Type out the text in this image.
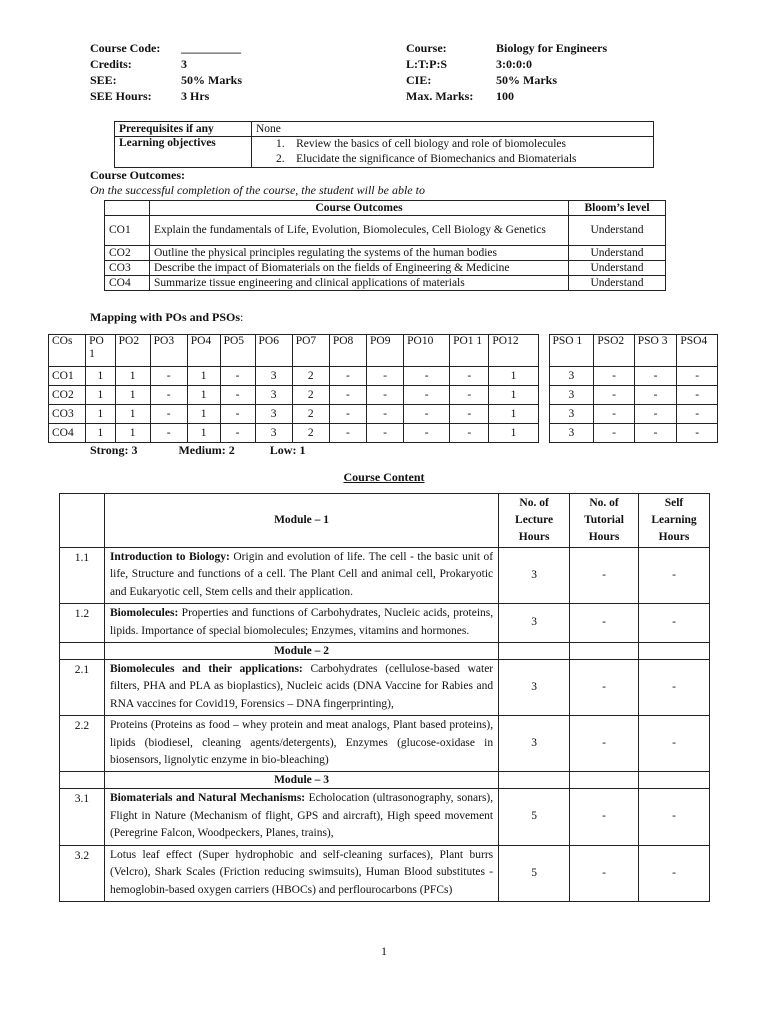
Course Code:	__________
Credits:	3
SEE:	50% Marks
SEE Hours:	3 Hrs
Course:	Biology for Engineers
L:T:P:S	3:0:0:0
CIE:	50% Marks
Max. Marks:	100
Prerequisites if any	None
Learning objectives	1.    Review the basics of cell biology and role of biomolecules
2.    Elucidate the significance of Biomechanics and Biomaterials
Course Outcomes:
On the successful completion of the course, the student will be able to
	Course Outcomes	Bloom’s level
CO1	Explain the fundamentals of Life, Evolution, Biomolecules, Cell Biology & Genetics	Understand
CO2	Outline the physical principles regulating the systems of the human bodies	Understand
CO3	Describe the impact of Biomaterials on the fields of Engineering & Medicine	Understand
CO4	Summarize tissue engineering and clinical applications of materials	Understand
Mapping with POs and PSOs:
COs	PO 1	PO2	PO3	PO4	PO5	PO6	PO7	PO8	PO9	PO10	PO1 1	PO12		PSO 1	PSO2	PSO 3	PSO4
CO1	1	1	-	1	-	3	2	-	-	-	-	1		3	-	-	-
CO2	1	1	-	1	-	3	2	-	-	-	-	1		3	-	-	-
CO3	1	1	-	1	-	3	2	-	-	-	-	1		3	-	-	-
CO4	1	1	-	1	-	3	2	-	-	-	-	1		3	-	-	-
Strong: 3	Medium: 2	Low: 1
Course Content
	Module – 1	No. of Lecture Hours	No. of Tutorial Hours	Self Learning Hours
1.1	Introduction to Biology: Origin and evolution of life. The cell - the basic unit of life, Structure and functions of a cell. The Plant Cell and animal cell, Prokaryotic and Eukaryotic cell, Stem cells and their application.	3	-	-
1.2	Biomolecules: Properties and functions of Carbohydrates, Nucleic acids, proteins, lipids. Importance of special biomolecules; Enzymes, vitamins and hormones.	3	-	-
	Module – 2			
2.1	Biomolecules and their applications: Carbohydrates (cellulose-based water filters, PHA and PLA as bioplastics), Nucleic acids (DNA Vaccine for Rabies and RNA vaccines for Covid19, Forensics – DNA fingerprinting),	3	-	-
2.2	Proteins (Proteins as food – whey protein and meat analogs, Plant based proteins), lipids (biodiesel, cleaning agents/detergents), Enzymes (glucose-oxidase in biosensors, lignolytic enzyme in bio-bleaching)	3	-	-
	Module – 3			
3.1	Biomaterials and Natural Mechanisms: Echolocation (ultrasonography, sonars), Flight in Nature (Mechanism of flight, GPS and aircraft), High speed movement (Peregrine Falcon, Woodpeckers, Planes, trains),	5	-	-
3.2	Lotus leaf effect (Super hydrophobic and self-cleaning surfaces), Plant burrs (Velcro), Shark Scales (Friction reducing swimsuits), Human Blood substitutes - hemoglobin-based oxygen carriers (HBOCs) and perflourocarbons (PFCs)	5	-	-
1
